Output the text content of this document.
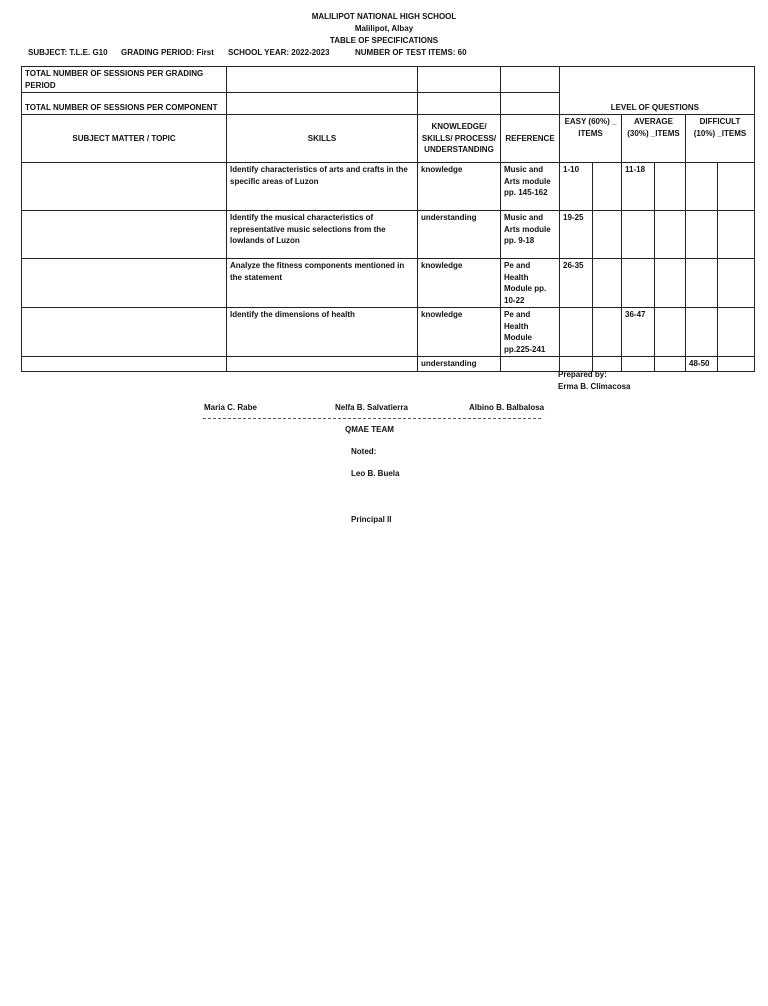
MALILIPOT NATIONAL HIGH SCHOOL
Malilipot, Albay
TABLE OF SPECIFICATIONS
SUBJECT: T.L.E. G10 GRADING PERIOD: First SCHOOL YEAR: 2022-2023	NUMBER OF TEST ITEMS: 60
TOTAL NUMBER OF SESSIONS PER GRADING PERIOD				LEVEL OF QUESTIONS					
TOTAL NUMBER OF SESSIONS PER COMPONENT									
SUBJECT MATTER / TOPIC	SKILLS	KNOWLEDGE/ SKILLS/ PROCESS/ UNDERSTANDING	REFERENCE	EASY (60%) _ ITEMS		AVERAGE (30%) _ITEMS		DIFFICULT (10%) _ITEMS	
	Identify characteristics of arts and crafts in the specific areas of Luzon	knowledge	Music and Arts module pp. 145-162	1-10		11-18			
	Identify the musical characteristics of representative music selections from the lowlands of Luzon	understanding	Music and Arts module pp. 9-18	19-25					
	Analyze the fitness components mentioned in the statement	knowledge	Pe and Health Module pp. 10-22	26-35					
	Identify the dimensions of health	knowledge	Pe and Health Module pp.225-241			36-47			
		understanding						48-50	
Prepared by:
Erma B. Climacosa
Maria C. Rabe	Nelfa B. Salvatierra	Albino B. Balbalosa
QMAE TEAM
Noted:
Leo B. Buela
Principal II
